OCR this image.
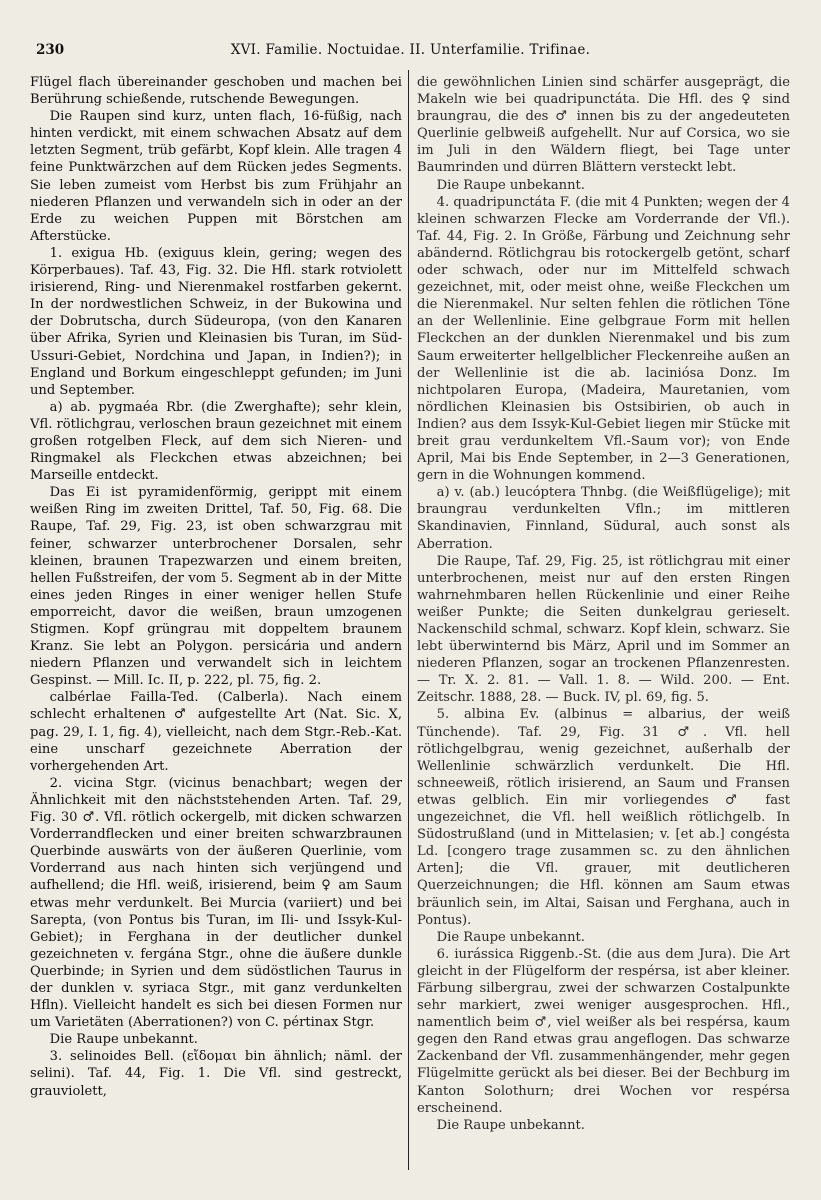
230	XVI. Familie. Noctuidae. II. Unterfamilie. Trifinae.

Flügel flach übereinander geschoben und machen bei Berührung schießende, rutschende Bewegungen.

Die Raupen sind kurz, unten flach, 16-füßig, nach hinten verdickt, mit einem schwachen Absatz auf dem letzten Segment, trüb gefärbt, Kopf klein. Alle tragen 4 feine Punktwärzchen auf dem Rücken jedes Segments. Sie leben zumeist vom Herbst bis zum Frühjahr an niederen Pflanzen und verwandeln sich in oder an der Erde zu weichen Puppen mit Börstchen am Afterstücke.

1. exigua Hb. (exiguus klein, gering; wegen des Körperbaues). Taf. 43, Fig. 32. Die Hfl. stark rotviolett irisierend, Ring- und Nierenmakel rostfarben gekernt. In der nordwestlichen Schweiz, in der Bukowina und der Dobrutscha, durch Südeuropa, (von den Kanaren über Afrika, Syrien und Kleinasien bis Turan, im Süd-Ussuri-Gebiet, Nordchina und Japan, in Indien?); in England und Borkum eingeschleppt gefunden; im Juni und September.

a) ab. pygmaéa Rbr. (die Zwerghafte); sehr klein, Vfl. rötlichgrau, verloschen braun gezeichnet mit einem großen rotgelben Fleck, auf dem sich Nieren- und Ringmakel als Fleckchen etwas abzeichnen; bei Marseille entdeckt.

Das Ei ist pyramidenförmig, gerippt mit einem weißen Ring im zweiten Drittel, Taf. 50, Fig. 68. Die Raupe, Taf. 29, Fig. 23, ist oben schwarzgrau mit feiner, schwarzer unterbrochener Dorsalen, sehr kleinen, braunen Trapezwarzen und einem breiten, hellen Fußstreifen, der vom 5. Segment ab in der Mitte eines jeden Ringes in einer weniger hellen Stufe emporreicht, davor die weißen, braun umzogenen Stigmen. Kopf grüngrau mit doppeltem braunem Kranz. Sie lebt an Polygon. persicária und andern niedern Pflanzen und verwandelt sich in leichtem Gespinst. — Mill. Ic. II, p. 222, pl. 75, fig. 2.

calbérlae Failla-Ted. (Calberla). Nach einem schlecht erhaltenen ♂ aufgestellte Art (Nat. Sic. X, pag. 29, I. 1, fig. 4), vielleicht, nach dem Stgr.-Reb.-Kat. eine unscharf gezeichnete Aberration der vorhergehenden Art.

2. vicina Stgr. (vicinus benachbart; wegen der Ähnlichkeit mit den nächststehenden Arten. Taf. 29, Fig. 30 ♂. Vfl. rötlich ockergelb, mit dicken schwarzen Vorderrandflecken und einer breiten schwarzbraunen Querbinde auswärts von der äußeren Querlinie, vom Vorderrand aus nach hinten sich verjüngend und aufhellend; die Hfl. weiß, irisierend, beim ♀ am Saum etwas mehr verdunkelt. Bei Murcia (variiert) und bei Sarepta, (von Pontus bis Turan, im Ili- und Issyk-Kul-Gebiet); in Ferghana in der deutlicher dunkel gezeichneten v. fergána Stgr., ohne die äußere dunkle Querbinde; in Syrien und dem südöstlichen Taurus in der dunklen v. syriaca Stgr., mit ganz verdunkelten Hfln). Vielleicht handelt es sich bei diesen Formen nur um Varietäten (Aberrationen?) von C. pértinax Stgr.

Die Raupe unbekannt.

3. selinoides Bell. (εἴδομαι bin ähnlich; näml. der selini). Taf. 44, Fig. 1. Die Vfl. sind gestreckt, grauviolett,

die gewöhnlichen Linien sind schärfer ausgeprägt, die Makeln wie bei quadripunctáta. Die Hfl. des ♀ sind braungrau, die des ♂ innen bis zu der angedeuteten Querlinie gelbweiß aufgehellt. Nur auf Corsica, wo sie im Juli in den Wäldern fliegt, bei Tage unter Baumrinden und dürren Blättern versteckt lebt.

Die Raupe unbekannt.

4. quadripunctáta F. (die mit 4 Punkten; wegen der 4 kleinen schwarzen Flecke am Vorderrande der Vfl.). Taf. 44, Fig. 2. In Größe, Färbung und Zeichnung sehr abändernd. Rötlichgrau bis rotockergelb getönt, scharf oder schwach, oder nur im Mittelfeld schwach gezeichnet, mit, oder meist ohne, weiße Fleckchen um die Nierenmakel. Nur selten fehlen die rötlichen Töne an der Wellenlinie. Eine gelbgraue Form mit hellen Fleckchen an der dunklen Nierenmakel und bis zum Saum erweiterter hellgelblicher Fleckenreihe außen an der Wellenlinie ist die ab. laciniósa Donz. Im nichtpolaren Europa, (Madeira, Mauretanien, vom nördlichen Kleinasien bis Ostsibirien, ob auch in Indien? aus dem Issyk-Kul-Gebiet liegen mir Stücke mit breit grau verdunkeltem Vfl.-Saum vor); von Ende April, Mai bis Ende September, in 2—3 Generationen, gern in die Wohnungen kommend.

a) v. (ab.) leucóptera Thnbg. (die Weißflügelige); mit braungrau verdunkelten Vfln.; im mittleren Skandinavien, Finnland, Südural, auch sonst als Aberration.

Die Raupe, Taf. 29, Fig. 25, ist rötlichgrau mit einer unterbrochenen, meist nur auf den ersten Ringen wahrnehmbaren hellen Rückenlinie und einer Reihe weißer Punkte; die Seiten dunkelgrau gerieselt. Nackenschild schmal, schwarz. Kopf klein, schwarz. Sie lebt überwinternd bis März, April und im Sommer an niederen Pflanzen, sogar an trockenen Pflanzenresten. — Tr. X. 2. 81. — Vall. 1. 8. — Wild. 200. — Ent. Zeitschr. 1888, 28. — Buck. IV, pl. 69, fig. 5.

5. albina Ev. (albinus = albarius, der weiß Tünchende). Taf. 29, Fig. 31 ♂. Vfl. hell rötlichgelbgrau, wenig gezeichnet, außerhalb der Wellenlinie schwärzlich verdunkelt. Die Hfl. schneeweiß, rötlich irisierend, an Saum und Fransen etwas gelblich. Ein mir vorliegendes ♂ fast ungezeichnet, die Vfl. hell weißlich rötlichgelb. In Südostrußland (und in Mittelasien; v. [et ab.] congésta Ld. [congero trage zusammen sc. zu den ähnlichen Arten]; die Vfl. grauer, mit deutlicheren Querzeichnungen; die Hfl. können am Saum etwas bräunlich sein, im Altai, Saisan und Ferghana, auch in Pontus).

Die Raupe unbekannt.

6. iurássica Riggenb.-St. (die aus dem Jura). Die Art gleicht in der Flügelform der respérsa, ist aber kleiner. Färbung silbergrau, zwei der schwarzen Costalpunkte sehr markiert, zwei weniger ausgesprochen. Hfl., namentlich beim ♂, viel weißer als bei respérsa, kaum gegen den Rand etwas grau angeflogen. Das schwarze Zackenband der Vfl. zusammenhängender, mehr gegen Flügelmitte gerückt als bei dieser. Bei der Bechburg im Kanton Solothurn; drei Wochen vor respérsa erscheinend.

Die Raupe unbekannt.
